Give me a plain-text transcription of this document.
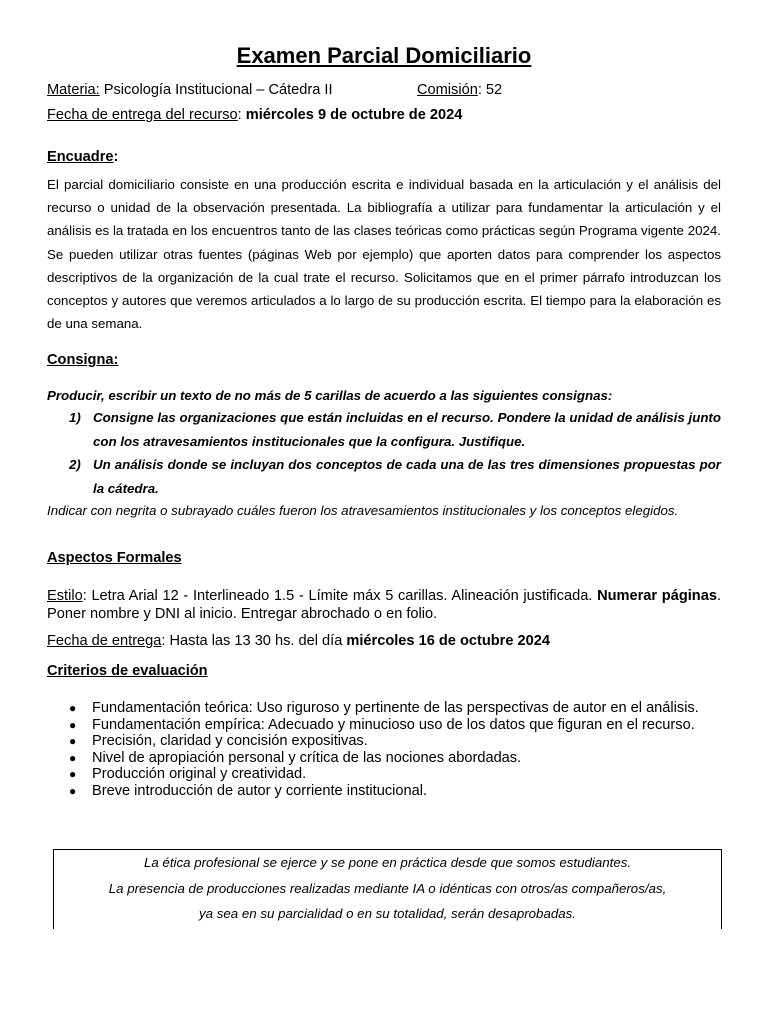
Examen Parcial Domiciliario
Materia: Psicología Institucional – Cátedra II	Comisión: 52
Fecha de entrega del recurso: miércoles 9 de octubre de 2024
Encuadre:
El parcial domiciliario consiste en una producción escrita e individual basada en la articulación y el análisis del recurso o unidad de la observación presentada. La bibliografía a utilizar para fundamentar la articulación y el análisis es la tratada en los encuentros tanto de las clases teóricas como prácticas según Programa vigente 2024. Se pueden utilizar otras fuentes (páginas Web por ejemplo) que aporten datos para comprender los aspectos descriptivos de la organización de la cual trate el recurso. Solicitamos que en el primer párrafo introduzcan los conceptos y autores que veremos articulados a lo largo de su producción escrita. El tiempo para la elaboración es de una semana.
Consigna:
Producir, escribir un texto de no más de 5 carillas de acuerdo a las siguientes consignas:
1) Consigne las organizaciones que están incluidas en el recurso. Pondere la unidad de análisis junto con los atravesamientos institucionales que la configura. Justifique.
2) Un análisis donde se incluyan dos conceptos de cada una de las tres dimensiones propuestas por la cátedra.
Indicar con negrita o subrayado cuáles fueron los atravesamientos institucionales y los conceptos elegidos.
Aspectos Formales
Estilo: Letra Arial 12 - Interlineado 1.5 - Límite máx 5 carillas. Alineación justificada. Numerar páginas. Poner nombre y DNI al inicio. Entregar abrochado o en folio.
Fecha de entrega: Hasta las 13 30 hs. del día miércoles 16 de octubre 2024
Criterios de evaluación
● Fundamentación teórica: Uso riguroso y pertinente de las perspectivas de autor en el análisis.
● Fundamentación empírica: Adecuado y minucioso uso de los datos que figuran en el recurso.
● Precisión, claridad y concisión expositivas.
● Nivel de apropiación personal y crítica de las nociones abordadas.
● Producción original y creatividad.
● Breve introducción de autor y corriente institucional.
La ética profesional se ejerce y se pone en práctica desde que somos estudiantes.
La presencia de producciones realizadas mediante IA o idénticas con otros/as compañeros/as,
ya sea en su parcialidad o en su totalidad, serán desaprobadas.
